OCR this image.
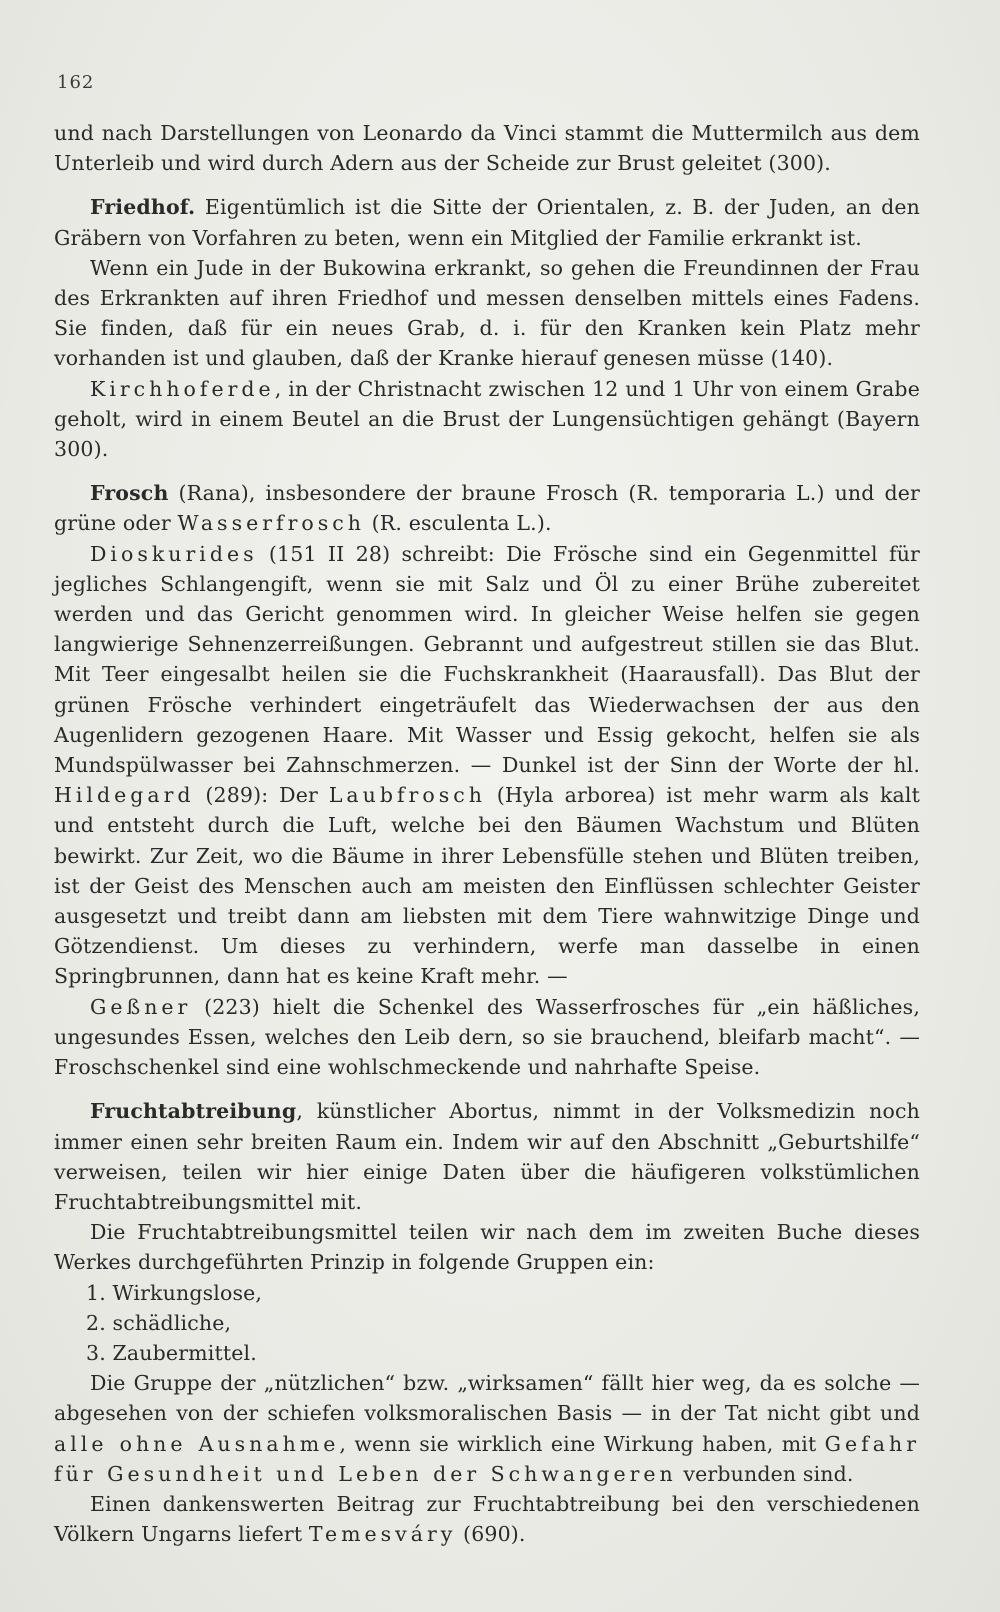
162

und nach Darstellungen von Leonardo da Vinci stammt die Muttermilch aus dem Unterleib und wird durch Adern aus der Scheide zur Brust geleitet (300).

Friedhof. Eigentümlich ist die Sitte der Orientalen, z. B. der Juden, an den Gräbern von Vorfahren zu beten, wenn ein Mitglied der Familie erkrankt ist.

Wenn ein Jude in der Bukowina erkrankt, so gehen die Freundinnen der Frau des Erkrankten auf ihren Friedhof und messen denselben mittels eines Fadens. Sie finden, daß für ein neues Grab, d. i. für den Kranken kein Platz mehr vorhanden ist und glauben, daß der Kranke hierauf genesen müsse (140).

Kirchhoferde, in der Christnacht zwischen 12 und 1 Uhr von einem Grabe geholt, wird in einem Beutel an die Brust der Lungensüchtigen gehängt (Bayern 300).

Frosch (Rana), insbesondere der braune Frosch (R. temporaria L.) und der grüne oder Wasserfrosch (R. esculenta L.).

Dioskurides (151 II 28) schreibt: Die Frösche sind ein Gegenmittel für jegliches Schlangengift, wenn sie mit Salz und Öl zu einer Brühe zubereitet werden und das Gericht genommen wird. In gleicher Weise helfen sie gegen langwierige Sehnenzerreißungen. Gebrannt und aufgestreut stillen sie das Blut. Mit Teer eingesalbt heilen sie die Fuchskrankheit (Haarausfall). Das Blut der grünen Frösche verhindert eingeträufelt das Wiederwachsen der aus den Augenlidern gezogenen Haare. Mit Wasser und Essig gekocht, helfen sie als Mundspülwasser bei Zahnschmerzen. — Dunkel ist der Sinn der Worte der hl. Hildegard (289): Der Laubfrosch (Hyla arborea) ist mehr warm als kalt und entsteht durch die Luft, welche bei den Bäumen Wachstum und Blüten bewirkt. Zur Zeit, wo die Bäume in ihrer Lebensfülle stehen und Blüten treiben, ist der Geist des Menschen auch am meisten den Einflüssen schlechter Geister ausgesetzt und treibt dann am liebsten mit dem Tiere wahnwitzige Dinge und Götzendienst. Um dieses zu verhindern, werfe man dasselbe in einen Springbrunnen, dann hat es keine Kraft mehr. —

Geßner (223) hielt die Schenkel des Wasserfrosches für „ein häßliches, ungesundes Essen, welches den Leib dern, so sie brauchend, bleifarb macht“. — Froschschenkel sind eine wohlschmeckende und nahrhafte Speise.

Fruchtabtreibung, künstlicher Abortus, nimmt in der Volksmedizin noch immer einen sehr breiten Raum ein. Indem wir auf den Abschnitt „Geburtshilfe“ verweisen, teilen wir hier einige Daten über die häufigeren volkstümlichen Fruchtabtreibungsmittel mit.

Die Fruchtabtreibungsmittel teilen wir nach dem im zweiten Buche dieses Werkes durchgeführten Prinzip in folgende Gruppen ein:

1. Wirkungslose,

2. schädliche,

3. Zaubermittel.

Die Gruppe der „nützlichen“ bzw. „wirksamen“ fällt hier weg, da es solche — abgesehen von der schiefen volksmoralischen Basis — in der Tat nicht gibt und alle ohne Ausnahme, wenn sie wirklich eine Wirkung haben, mit Gefahr für Gesundheit und Leben der Schwangeren verbunden sind.

Einen dankenswerten Beitrag zur Fruchtabtreibung bei den verschiedenen Völkern Ungarns liefert Temesváry (690).
